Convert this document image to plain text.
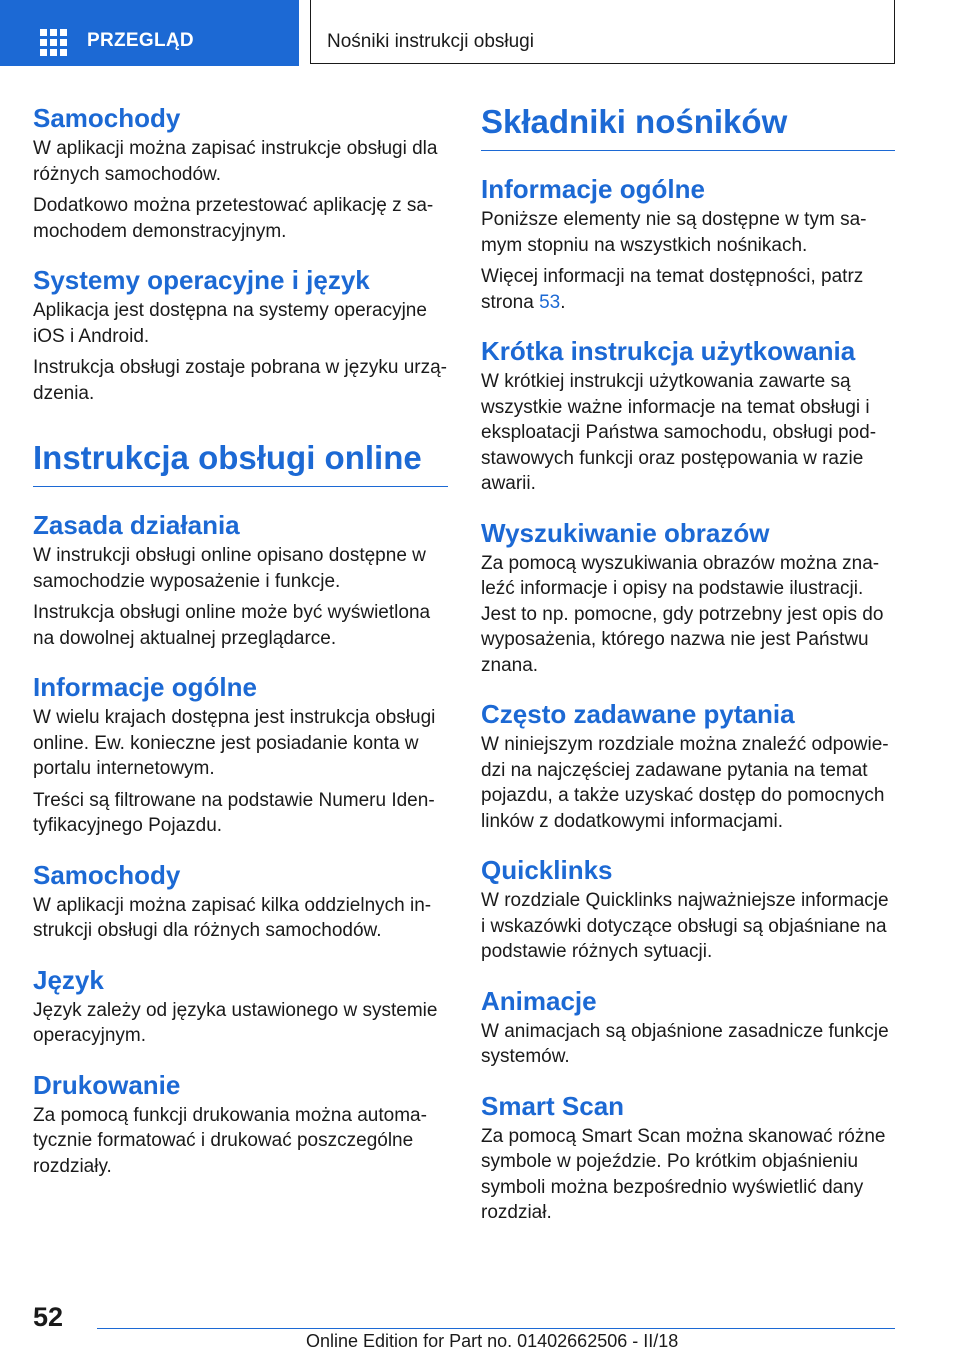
PRZEGLĄD	Nośniki instrukcji obsługi
Samochody

W aplikacji można zapisać instrukcje obsługi dla różnych samochodów.

Dodatkowo można przetestować aplikację z samochodem demonstracyjnym.

Systemy operacyjne i język

Aplikacja jest dostępna na systemy operacyjne iOS i Android.

Instrukcja obsługi zostaje pobrana w języku urządzenia.

Instrukcja obsługi online
Zasada działania

W instrukcji obsługi online opisano dostępne w samochodzie wyposażenie i funkcje.

Instrukcja obsługi online może być wyświetlona na dowolnej aktualnej przeglądarce.

Informacje ogólne

W wielu krajach dostępna jest instrukcja obsługi online. Ew. konieczne jest posiadanie konta w portalu internetowym.

Treści są filtrowane na podstawie Numeru Identyfikacyjnego Pojazdu.

Samochody

W aplikacji można zapisać kilka oddzielnych instrukcji obsługi dla różnych samochodów.

Język

Język zależy od języka ustawionego w systemie operacyjnym.

Drukowanie

Za pomocą funkcji drukowania można automatycznie formatować i drukować poszczególne rozdziały.

Składniki nośników
Informacje ogólne

Poniższe elementy nie są dostępne w tym samym stopniu na wszystkich nośnikach.

Więcej informacji na temat dostępności, patrz strona 53.

Krótka instrukcja użytkowania

W krótkiej instrukcji użytkowania zawarte są wszystkie ważne informacje na temat obsługi i eksploatacji Państwa samochodu, obsługi podstawowych funkcji oraz postępowania w razie awarii.

Wyszukiwanie obrazów

Za pomocą wyszukiwania obrazów można znaleźć informacje i opisy na podstawie ilustracji. Jest to np. pomocne, gdy potrzebny jest opis do wyposażenia, którego nazwa nie jest Państwu znana.

Często zadawane pytania

W niniejszym rozdziale można znaleźć odpowiedzi na najczęściej zadawane pytania na temat pojazdu, a także uzyskać dostęp do pomocnych linków z dodatkowymi informacjami.

Quicklinks

W rozdziale Quicklinks najważniejsze informacje i wskazówki dotyczące obsługi są objaśniane na podstawie różnych sytuacji.

Animacje

W animacjach są objaśnione zasadnicze funkcje systemów.

Smart Scan

Za pomocą Smart Scan można skanować różne symbole w pojeździe. Po krótkim objaśnieniu symboli można bezpośrednio wyświetlić dany rozdział.

52
Online Edition for Part no. 01402662506 - II/18
